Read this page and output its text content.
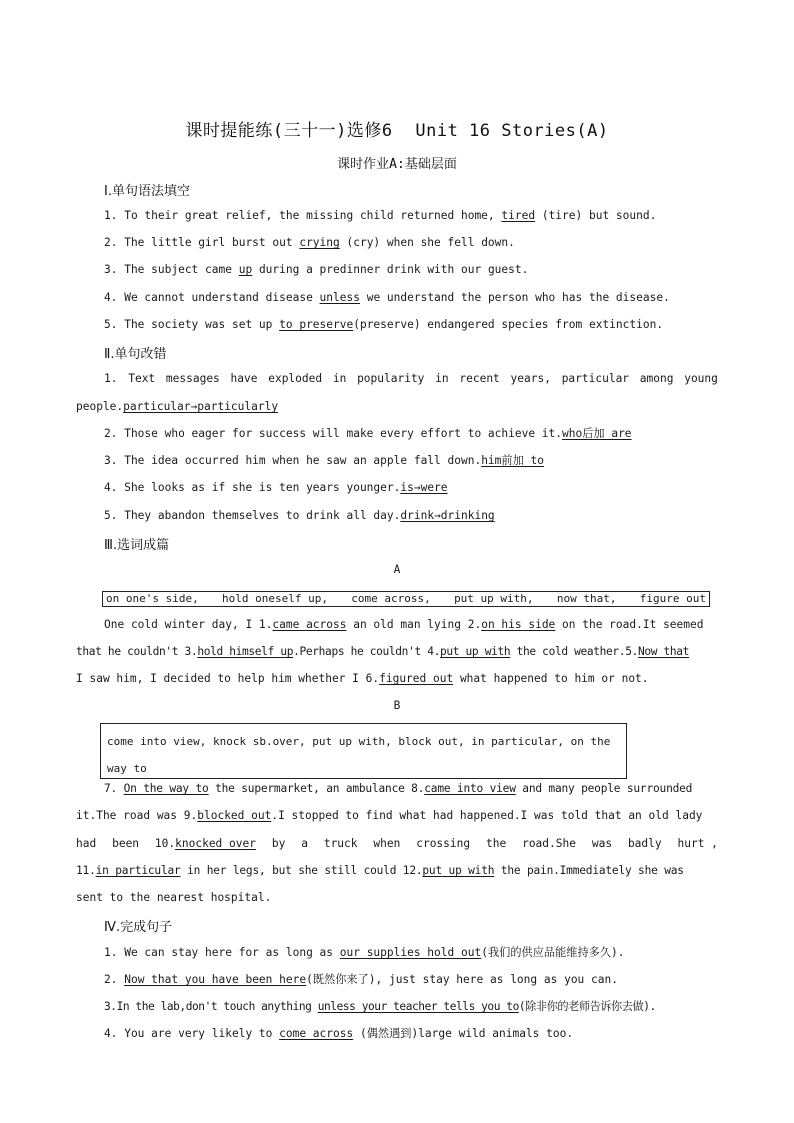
课时提能练(三十一)选修6 Unit 16 Stories(A)
课时作业A:基础层面
Ⅰ.单句语法填空
1. To their great relief, the missing child returned home, tired (tire) but sound.
2. The little girl burst out crying (cry) when she fell down.
3. The subject came up during a predinner drink with our guest.
4. We cannot understand disease unless we understand the person who has the disease.
5. The society was set up to preserve(preserve) endangered species from extinction.
Ⅱ.单句改错
1. Text messages have exploded in popularity in recent years, particular among young
people.particular→particularly
2. Those who eager for success will make every effort to achieve it.who后加 are
3. The idea occurred him when he saw an apple fall down.him前加 to
4. She looks as if she is ten years younger.is→were
5. They abandon themselves to drink all day.drink→drinking
Ⅲ.选词成篇
A
on one's side, hold oneself up, come across, put up with, now that, figure out
One cold winter day, I 1.came across an old man lying 2.on his side on the road.It seemed
that he couldn't 3.hold himself up.Perhaps he couldn't 4.put up with the cold weather.5.Now that
I saw him, I decided to help him whether I 6.figured out what happened to him or not.
B
come into view, knock sb.over, put up with, block out, in particular, on the
way to
7. On the way to the supermarket, an ambulance 8.came into view and many people surrounded
it.The road was 9.blocked out.I stopped to find what had happened.I was told that an old lady
had been 10.knocked over by a truck when crossing the road.She was badly hurt ,
11.in particular in her legs, but she still could 12.put up with the pain.Immediately she was
sent to the nearest hospital.
Ⅳ.完成句子
1. We can stay here for as long as our supplies hold out(我们的供应品能维持多久).
2. Now that you have been here(既然你来了), just stay here as long as you can.
3.In the lab,don't touch anything unless your teacher tells you to(除非你的老师告诉你去做).
4. You are very likely to come across (偶然遇到)large wild animals too.
